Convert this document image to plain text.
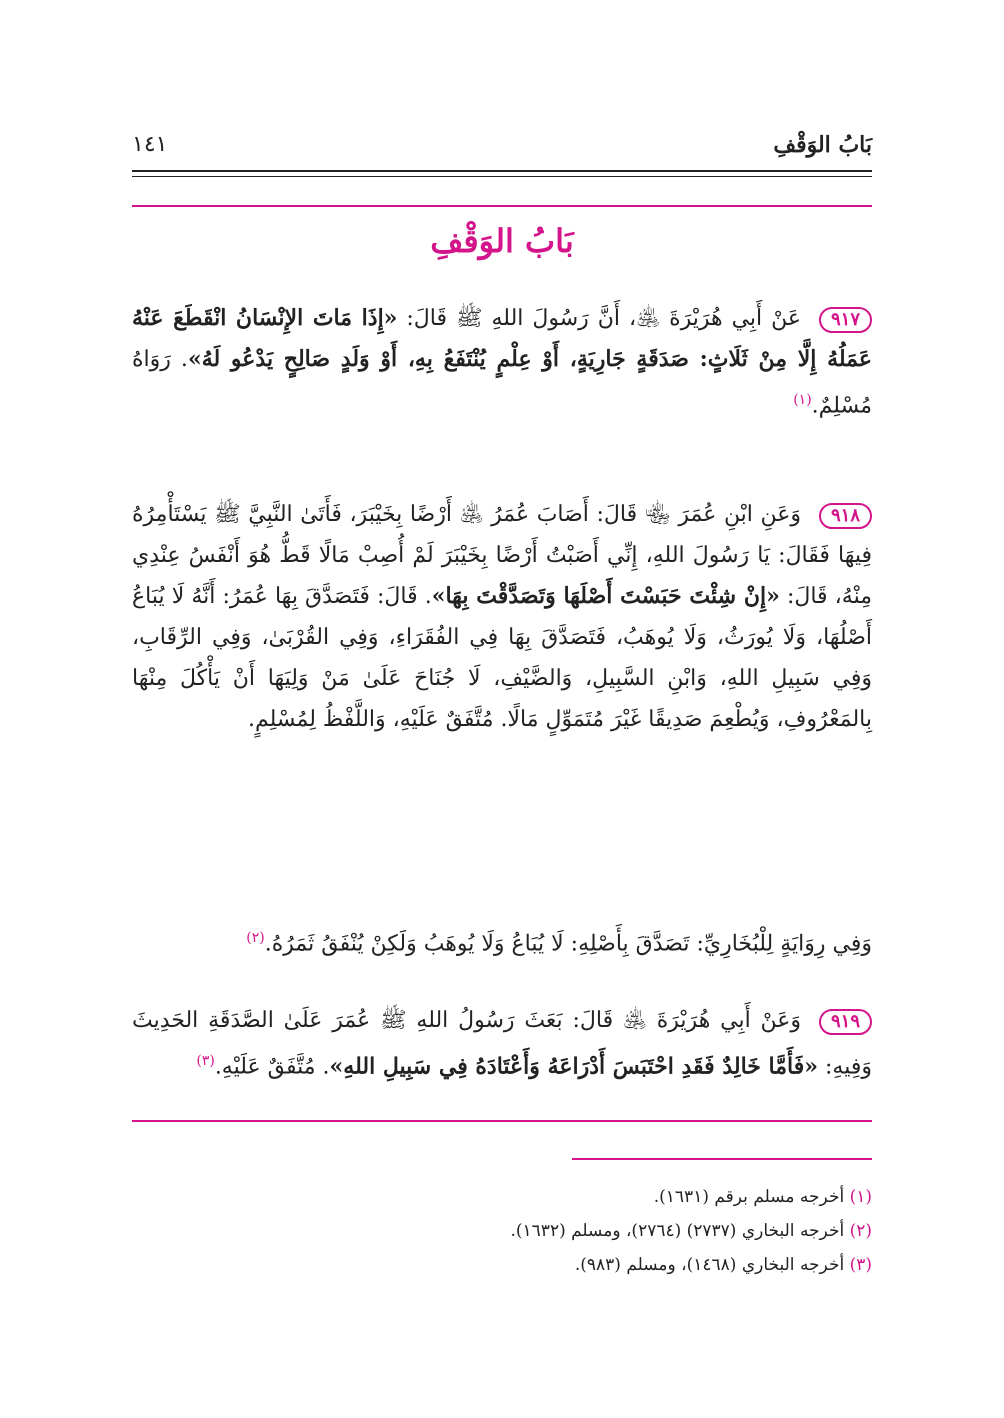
بَابُ الوَقْفِ
١٤١
بَابُ الوَقْفِ
٩١٧عَنْ أَبِي هُرَيْرَةَ ﵁، أَنَّ رَسُولَ اللهِ ﷺ قَالَ: «إِذَا مَاتَ الإِنْسَانُ انْقَطَعَ عَنْهُ عَمَلُهُ إِلَّا مِنْ ثَلَاثٍ: صَدَقَةٍ جَارِيَةٍ، أَوْ عِلْمٍ يُنْتَفَعُ بِهِ، أَوْ وَلَدٍ صَالِحٍ يَدْعُو لَهُ». رَوَاهُ مُسْلِمٌ.$^{(١)}$
٩١٨وَعَنِ ابْنِ عُمَرَ ﵄ قَالَ: أَصَابَ عُمَرُ ﵁ أَرْضًا بِخَيْبَرَ، فَأَتَىٰ النَّبِيَّ ﷺ يَسْتَأْمِرُهُ فِيهَا فَقَالَ: يَا رَسُولَ اللهِ، إِنِّي أَصَبْتُ أَرْضًا بِخَيْبَرَ لَمْ أُصِبْ مَالًا قَطُّ هُوَ أَنْفَسُ عِنْدِي مِنْهُ، قَالَ: «إِنْ شِئْتَ حَبَسْتَ أَصْلَهَا وَتَصَدَّقْتَ بِهَا». قَالَ: فَتَصَدَّقَ بِهَا عُمَرُ: أَنَّهُ لَا يُبَاعُ أَصْلُهَا، وَلَا يُورَثُ، وَلَا يُوهَبُ، فَتَصَدَّقَ بِهَا فِي الفُقَرَاءِ، وَفِي القُرْبَىٰ، وَفِي الرِّقَابِ، وَفِي سَبِيلِ اللهِ، وَابْنِ السَّبِيلِ، وَالضَّيْفِ، لَا جُنَاحَ عَلَىٰ مَنْ وَلِيَهَا أَنْ يَأْكُلَ مِنْهَا بِالمَعْرُوفِ، وَيُطْعِمَ صَدِيقًا غَيْرَ مُتَمَوِّلٍ مَالًا. مُتَّفَقٌ عَلَيْهِ، وَاللَّفْظُ لِمُسْلِمٍ.
وَفِي رِوَايَةٍ لِلْبُخَارِيِّ: تَصَدَّقَ بِأَصْلِهِ: لَا يُبَاعُ وَلَا يُوهَبُ وَلَكِنْ يُنْفَقُ ثَمَرُهُ.$^{(٢)}$
٩١٩وَعَنْ أَبِي هُرَيْرَةَ ﵁ قَالَ: بَعَثَ رَسُولُ اللهِ ﷺ عُمَرَ عَلَىٰ الصَّدَقَةِ الحَدِيثَ وَفِيهِ: «فَأَمَّا خَالِدٌ فَقَدِ احْتَبَسَ أَدْرَاعَهُ وَأَعْتَادَهُ فِي سَبِيلِ اللهِ». مُتَّفَقٌ عَلَيْهِ.$^{(٣)}$
(١) أخرجه مسلم برقم (١٦٣١).
(٢) أخرجه البخاري (٢٧٣٧) (٢٧٦٤)، ومسلم (١٦٣٢).
(٣) أخرجه البخاري (١٤٦٨)، ومسلم (٩٨٣).
